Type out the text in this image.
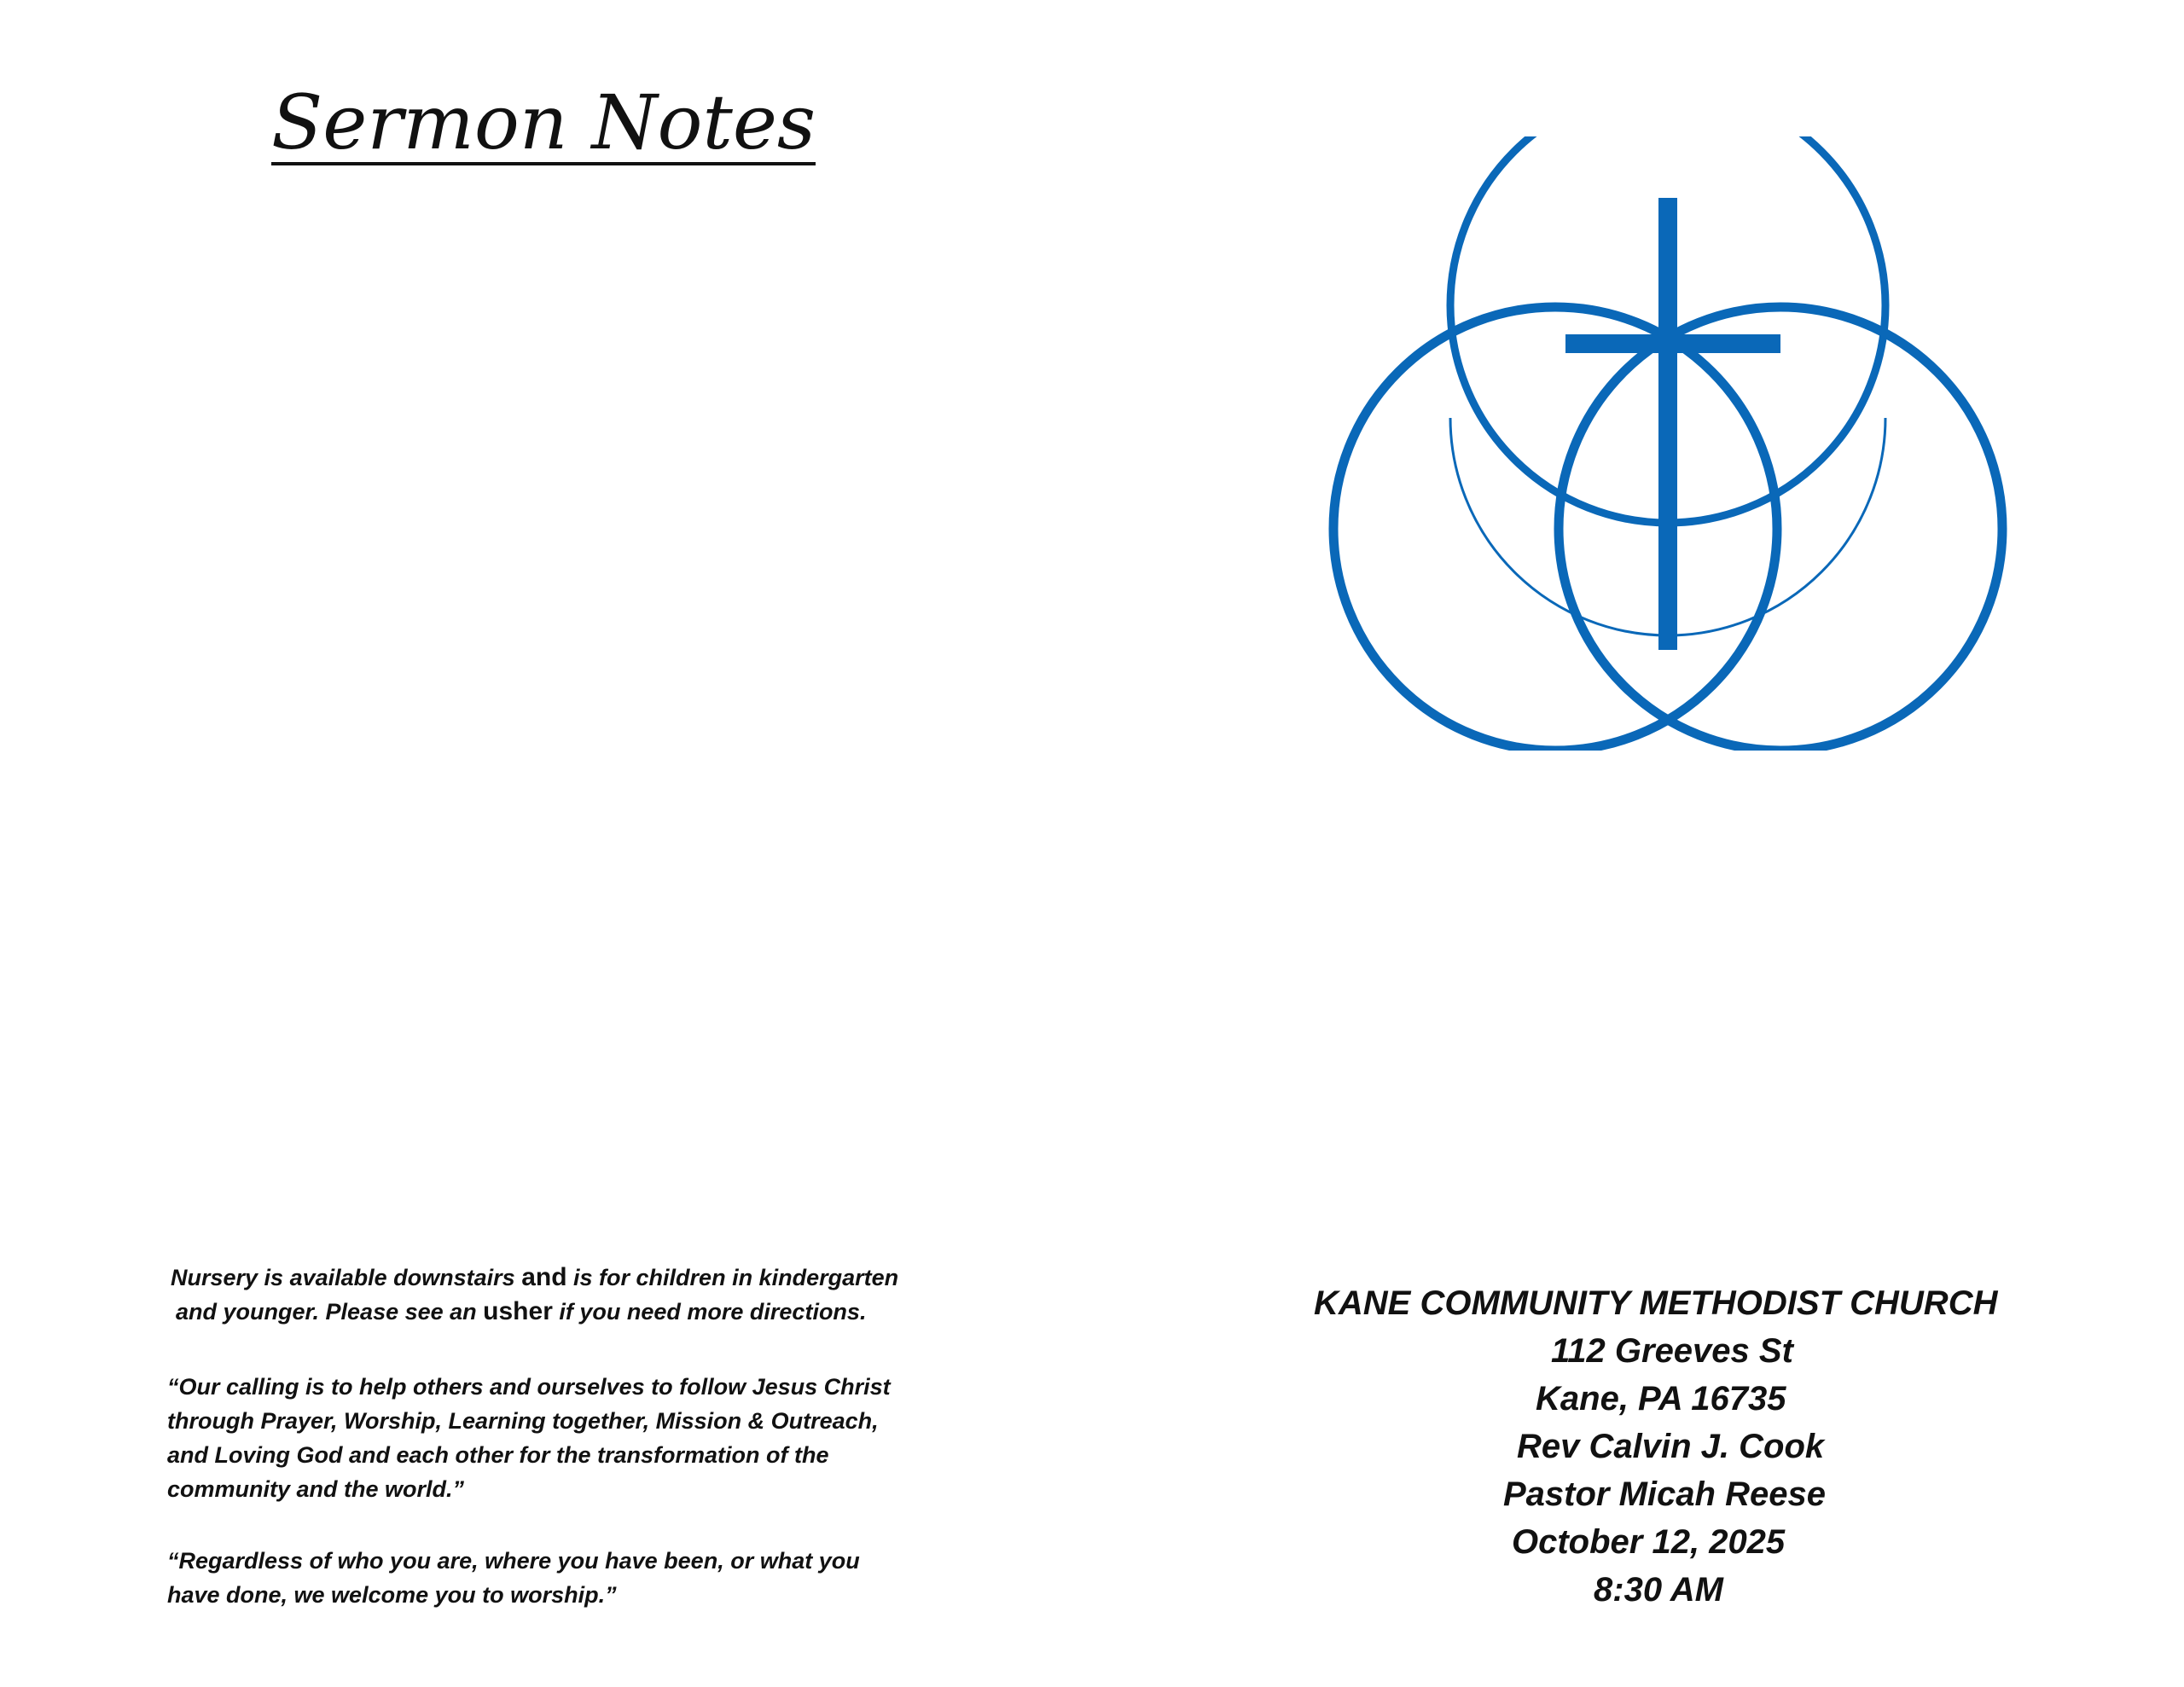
Sermon Notes
Nursery is available downstairs and is for children in kindergarten
and younger. Please see an usher if you need more directions.
“Our calling is to help others and ourselves to follow Jesus Christ
through Prayer, Worship, Learning together, Mission & Outreach,
and Loving God and each other for the transformation of the
community and the world.”
“Regardless of who you are, where you have been, or what you
have done, we welcome you to worship.”
KANE COMMUNITY METHODIST CHURCH
112 Greeves St
Kane, PA 16735
Rev Calvin J. Cook
Pastor Micah Reese
October 12, 2025
8:30 AM
